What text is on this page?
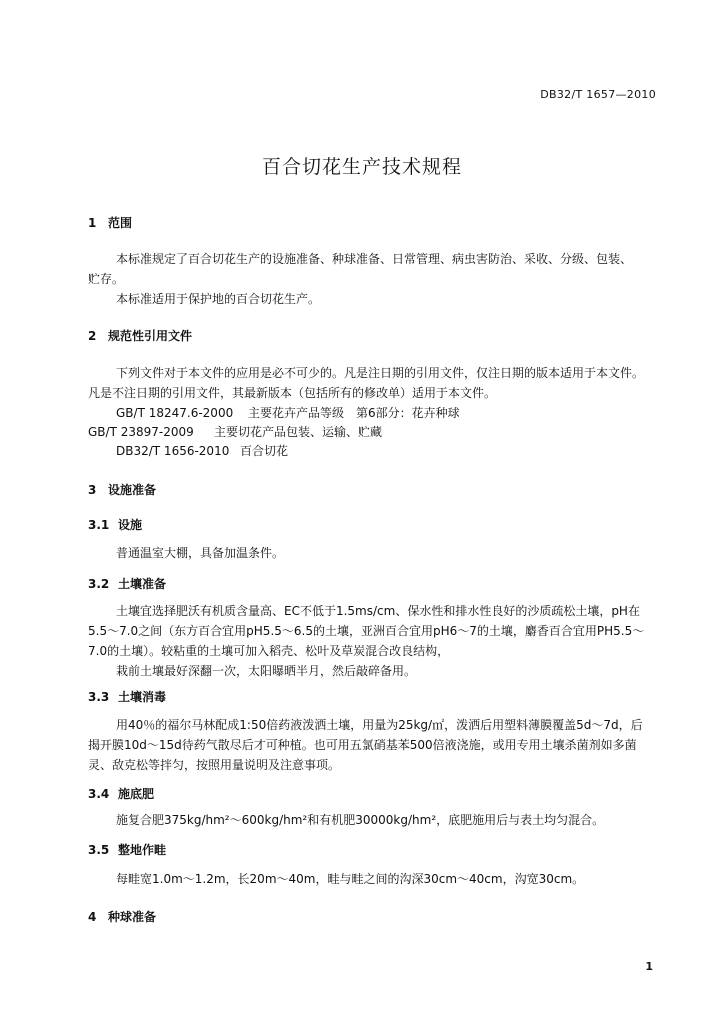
DB32/T 1657—2010
百合切花生产技术规程
1 范围
本标准规定了百合切花生产的设施准备、种球准备、日常管理、病虫害防治、采收、分级、包装、
贮存。
本标准适用于保护地的百合切花生产。
2 规范性引用文件
下列文件对于本文件的应用是必不可少的。凡是注日期的引用文件，仅注日期的版本适用于本文件。
凡是不注日期的引用文件，其最新版本（包括所有的修改单）适用于本文件。
GB/T 18247.6-2000 主要花卉产品等级　第6部分：花卉种球
GB/T 23897-2009 主要切花产品包装、运输、贮藏
DB32/T 1656-2010 百合切花
3 设施准备
3.1 设施
普通温室大棚，具备加温条件。
3.2 土壤准备
土壤宜选择肥沃有机质含量高、EC不低于1.5ms/cm、保水性和排水性良好的沙质疏松土壤，pH在
5.5～7.0之间（东方百合宜用pH5.5～6.5的土壤，亚洲百合宜用pH6～7的土壤，麝香百合宜用PH5.5～
7.0的土壤）。较粘重的土壤可加入稻壳、松叶及草炭混合改良结构，
栽前土壤最好深翻一次，太阳曝晒半月，然后敲碎备用。
3.3 土壤消毒
用40％的福尔马林配成1:50倍药液泼洒土壤，用量为25kg/㎡，泼洒后用塑料薄膜覆盖5d～7d，后
揭开膜10d～15d待药气散尽后才可种植。也可用五氯硝基苯500倍液浇施，或用专用土壤杀菌剂如多菌
灵、敌克松等拌匀，按照用量说明及注意事项。
3.4 施底肥
施复合肥375kg/hm²～600kg/hm²和有机肥30000kg/hm²，底肥施用后与表土均匀混合。
3.5 整地作畦
每畦宽1.0m～1.2m，长20m～40m，畦与畦之间的沟深30cm～40cm，沟宽30cm。
4 种球准备
1
